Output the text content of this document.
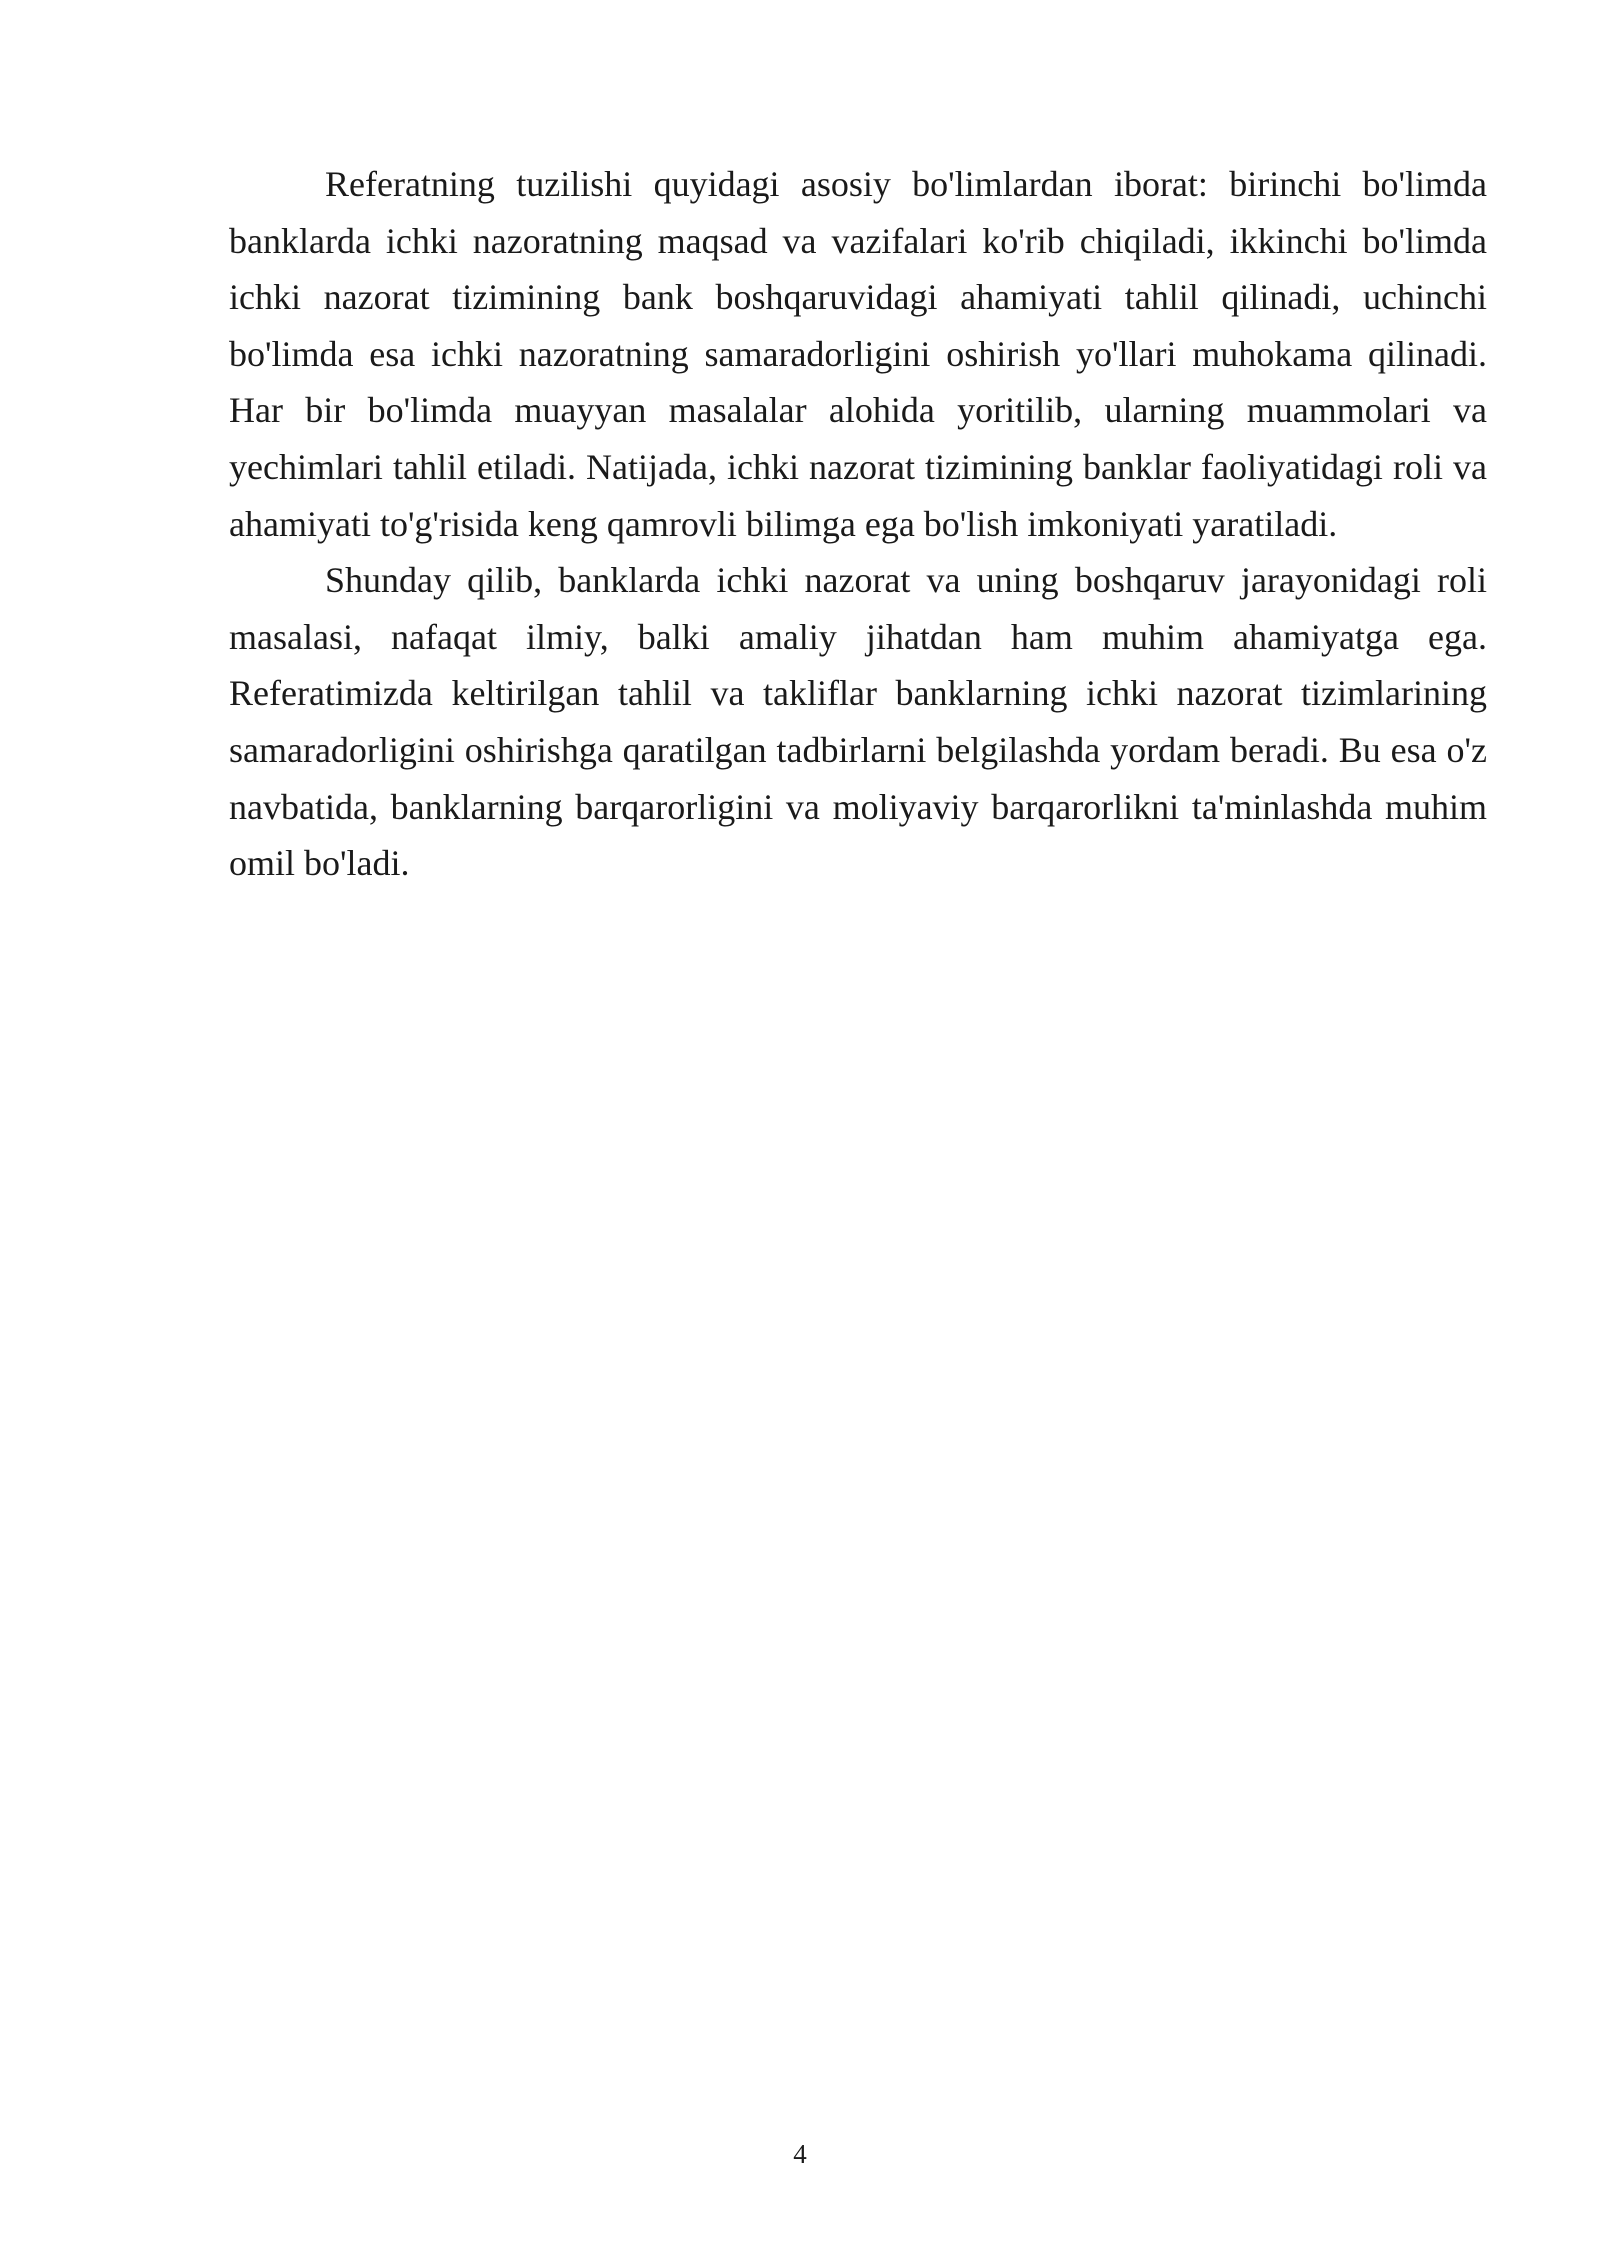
Referatning tuzilishi quyidagi asosiy bo'limlardan iborat: birinchi bo'limda banklarda ichki nazoratning maqsad va vazifalari ko'rib chiqiladi, ikkinchi bo'limda ichki nazorat tizimining bank boshqaruvidagi ahamiyati tahlil qilinadi, uchinchi bo'limda esa ichki nazoratning samaradorligini oshirish yo'llari muhokama qilinadi. Har bir bo'limda muayyan masalalar alohida yoritilib, ularning muammolari va yechimlari tahlil etiladi. Natijada, ichki nazorat tizimining banklar faoliyatidagi roli va ahamiyati to'g'risida keng qamrovli bilimga ega bo'lish imkoniyati yaratiladi.

Shunday qilib, banklarda ichki nazorat va uning boshqaruv jarayonidagi roli masalasi, nafaqat ilmiy, balki amaliy jihatdan ham muhim ahamiyatga ega. Referatimizda keltirilgan tahlil va takliflar banklarning ichki nazorat tizimlarining samaradorligini oshirishga qaratilgan tadbirlarni belgilashda yordam beradi. Bu esa o'z navbatida, banklarning barqarorligini va moliyaviy barqarorlikni ta'minlashda muhim omil bo'ladi.

4
